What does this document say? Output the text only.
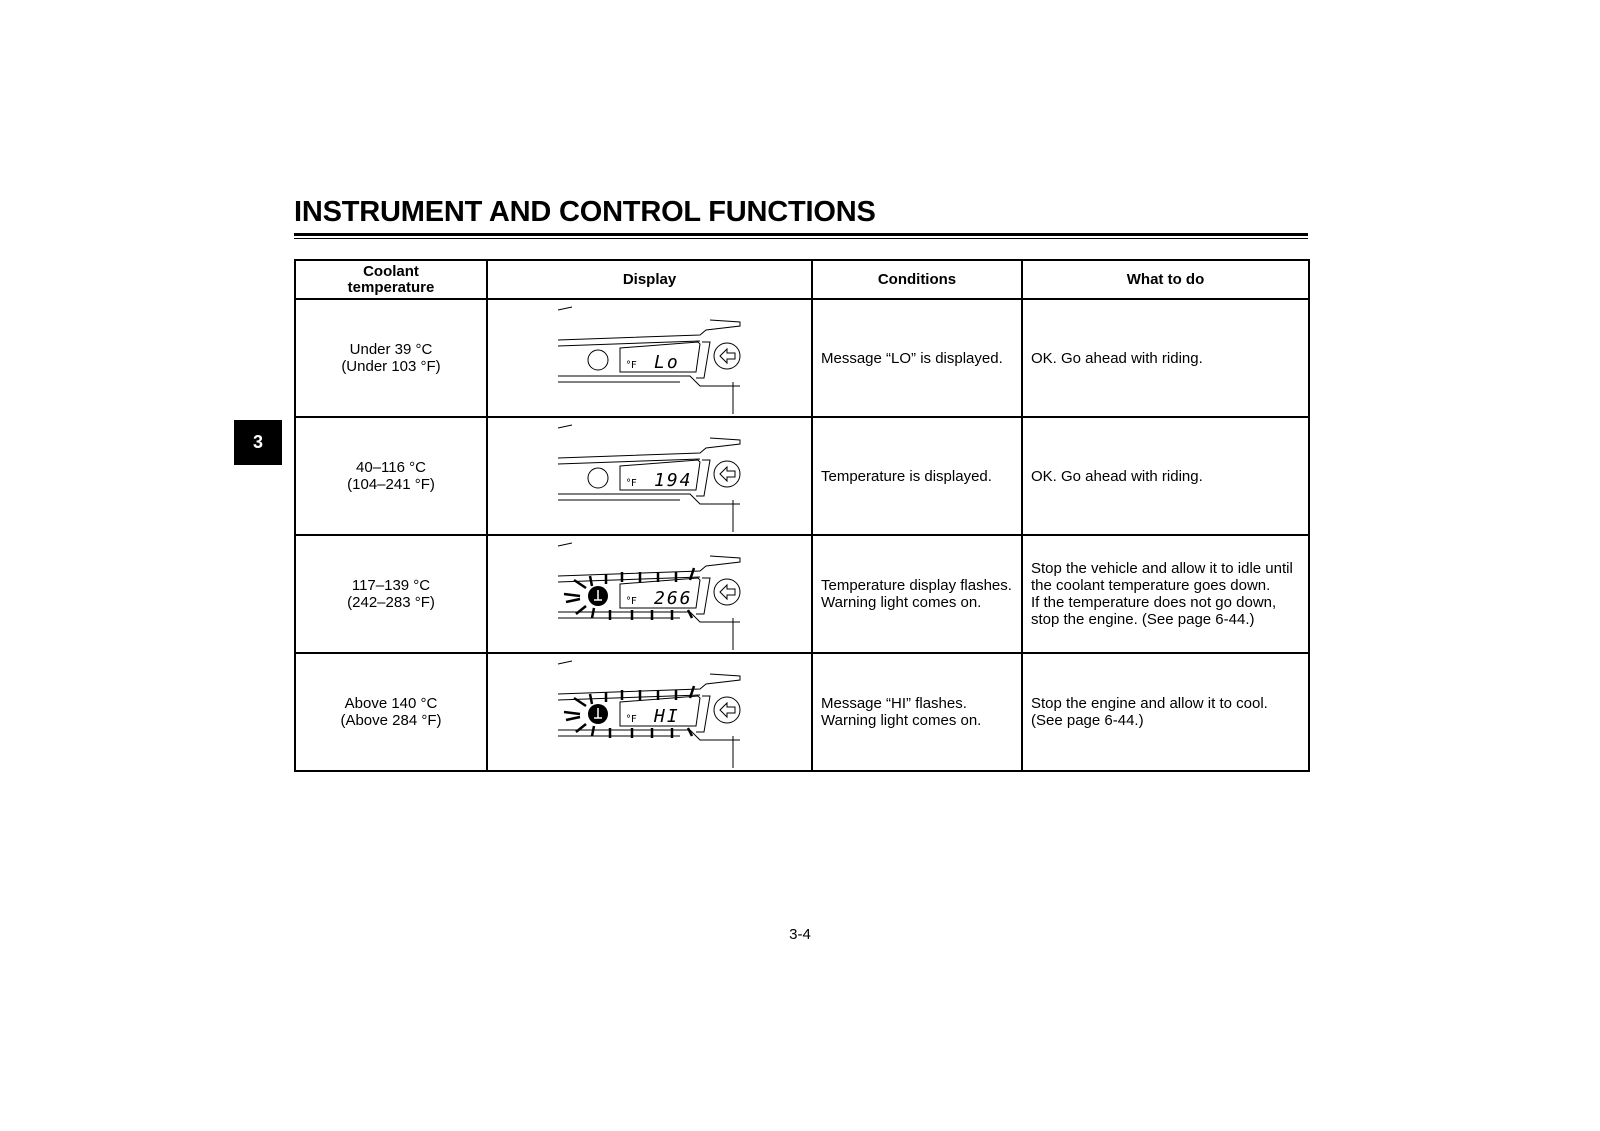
INSTRUMENT AND CONTROL FUNCTIONS
3
Coolant
temperature	Display	Conditions	What to do

Under 39 °C
(Under 103 °F)	°F Lo	Message “LO” is displayed.	OK. Go ahead with riding.

40–116 °C
(104–241 °F)	°F 194	Temperature is displayed.	OK. Go ahead with riding.

117–139 °C
(242–283 °F)	°F 266	Temperature display flashes.
Warning light comes on.	Stop the vehicle and allow it to idle until
the coolant temperature goes down.
If the temperature does not go down,
stop the engine. (See page 6-44.)

Above 140 °C
(Above 284 °F)	°F HI	Message “HI” flashes.
Warning light comes on.	Stop the engine and allow it to cool.
(See page 6-44.)
3-4
